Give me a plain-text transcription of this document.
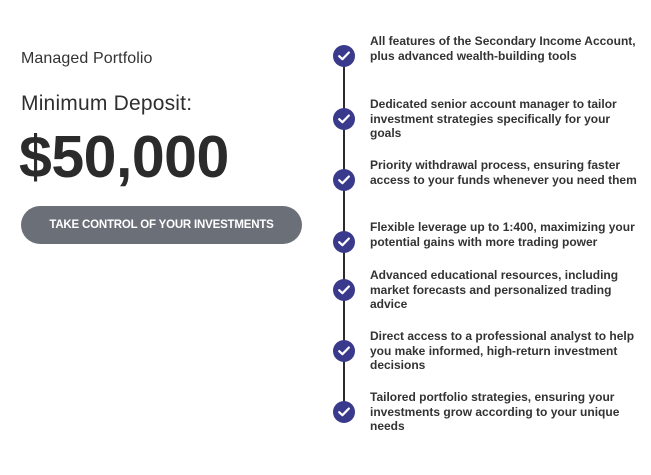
Managed Portfolio
Minimum Deposit:
$50,000
TAKE CONTROL OF YOUR INVESTMENTS
All features of the Secondary Income Account, plus advanced wealth-building tools
Dedicated senior account manager to tailor investment strategies specifically for your goals
Priority withdrawal process, ensuring faster access to your funds whenever you need them
Flexible leverage up to 1:400, maximizing your potential gains with more trading power
Advanced educational resources, including market forecasts and personalized trading advice
Direct access to a professional analyst to help you make informed, high-return investment decisions
Tailored portfolio strategies, ensuring your investments grow according to your unique needs
